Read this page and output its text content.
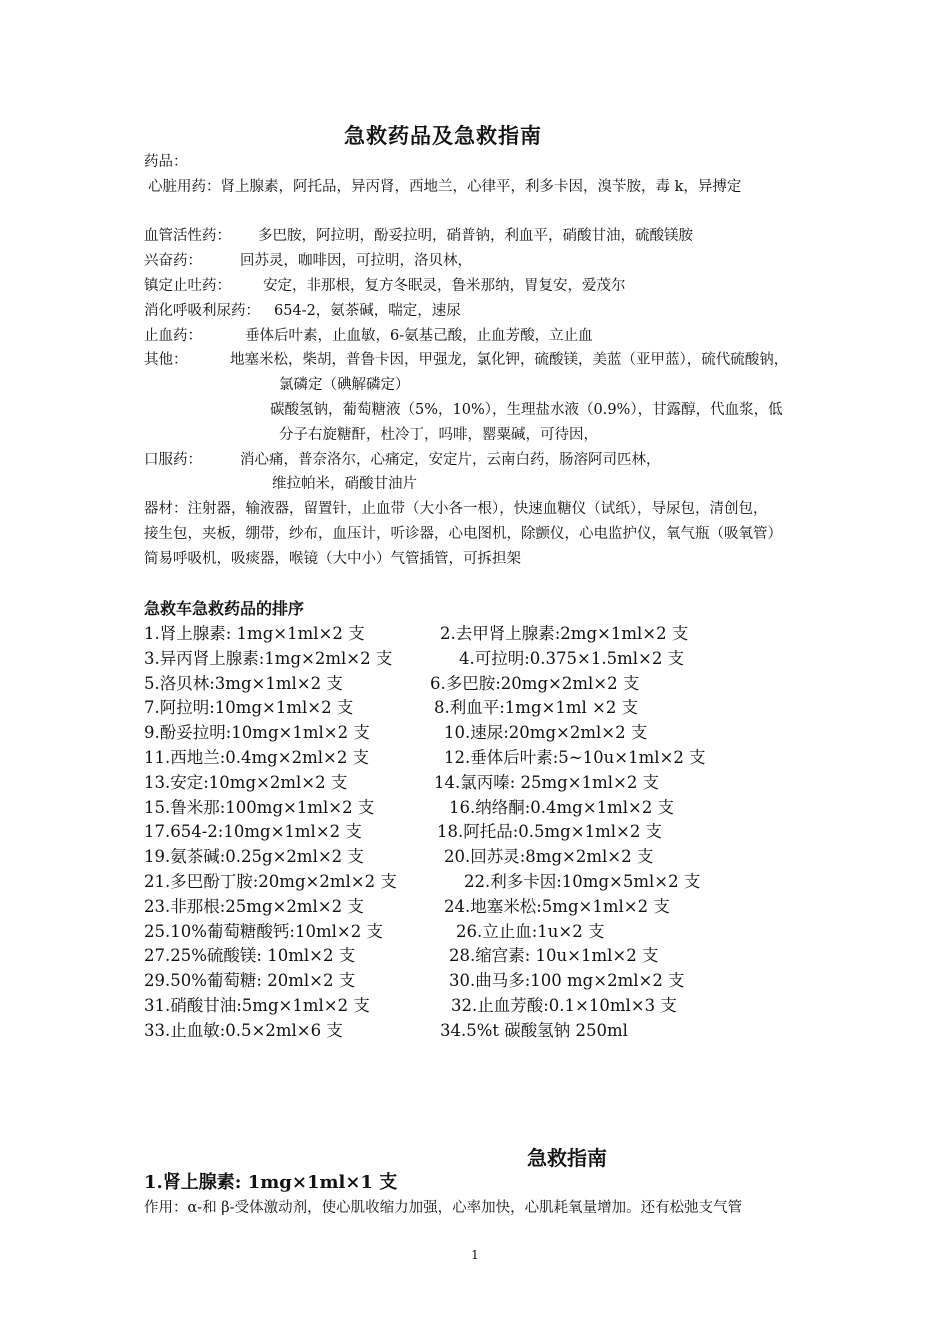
急救药品及急救指南
药品：
心脏用药：肾上腺素，阿托品，异丙肾，西地兰，心律平，利多卡因，溴苄胺，毒 k，异搏定
血管活性药： 多巴胺，阿拉明，酚妥拉明，硝普钠，利血平，硝酸甘油，硫酸镁胺
兴奋药：	回苏灵，咖啡因，可拉明，洛贝林，
镇定止吐药： 安定，非那根，复方冬眠灵，鲁米那纳，胃复安，爱茂尔
消化呼吸利尿药： 654-2，氨茶碱，喘定，速尿
止血药：	垂体后叶素，止血敏，6-氨基己酸，止血芳酸，立止血
其他：	地塞米松，柴胡，普鲁卡因，甲强龙，氯化钾，硫酸镁，美蓝（亚甲蓝），硫代硫酸钠，
氯磷定（碘解磷定）
碳酸氢钠，葡萄糖液（5%，10%），生理盐水液（0.9%），甘露醇，代血浆，低
分子右旋糖酐，杜冷丁，吗啡，罂粟碱，可待因，
口服药：	消心痛，普奈洛尔，心痛定，安定片，云南白药，肠溶阿司匹林，
维拉帕米，硝酸甘油片
器材：注射器，输液器，留置针，止血带（大小各一根），快速血糖仪（试纸），导尿包，清创包，
接生包，夹板，绷带，纱布，血压计，听诊器，心电图机，除颤仪，心电监护仪，氧气瓶（吸氧管）
简易呼吸机，吸痰器，喉镜（大中小）气管插管，可拆担架
急救车急救药品的排序
1.肾上腺素: 1mg×1ml×2 支	2.去甲肾上腺素:2mg×1ml×2 支
3.异丙肾上腺素:1mg×2ml×2 支	4.可拉明:0.375×1.5ml×2 支
5.洛贝林:3mg×1ml×2 支	6.多巴胺:20mg×2ml×2 支
7.阿拉明:10mg×1ml×2 支	8.利血平:1mg×1ml ×2 支
9.酚妥拉明:10mg×1ml×2 支	10.速尿:20mg×2ml×2 支
11.西地兰:0.4mg×2ml×2 支	12.垂体后叶素:5~10u×1ml×2 支
13.安定:10mg×2ml×2 支	14.氯丙嗪: 25mg×1ml×2 支
15.鲁米那:100mg×1ml×2 支	16.纳络酮:0.4mg×1ml×2 支
17.654-2:10mg×1ml×2 支	18.阿托品:0.5mg×1ml×2 支
19.氨茶碱:0.25g×2ml×2 支	20.回苏灵:8mg×2ml×2 支
21.多巴酚丁胺:20mg×2ml×2 支	22.利多卡因:10mg×5ml×2 支
23.非那根:25mg×2ml×2 支	24.地塞米松:5mg×1ml×2 支
25.10%葡萄糖酸钙:10ml×2 支	26.立止血:1u×2 支
27.25%硫酸镁: 10ml×2 支	28.缩宫素: 10u×1ml×2 支
29.50%葡萄糖: 20ml×2 支	30.曲马多:100 mg×2ml×2 支
31.硝酸甘油:5mg×1ml×2 支	32.止血芳酸:0.1×10ml×3 支
33.止血敏:0.5×2ml×6 支	34.5%t 碳酸氢钠 250ml
急救指南
1.肾上腺素: 1mg×1ml×1 支
作用：α-和 β-受体激动剂，使心肌收缩力加强，心率加快，心肌耗氧量增加。还有松弛支气管
1
